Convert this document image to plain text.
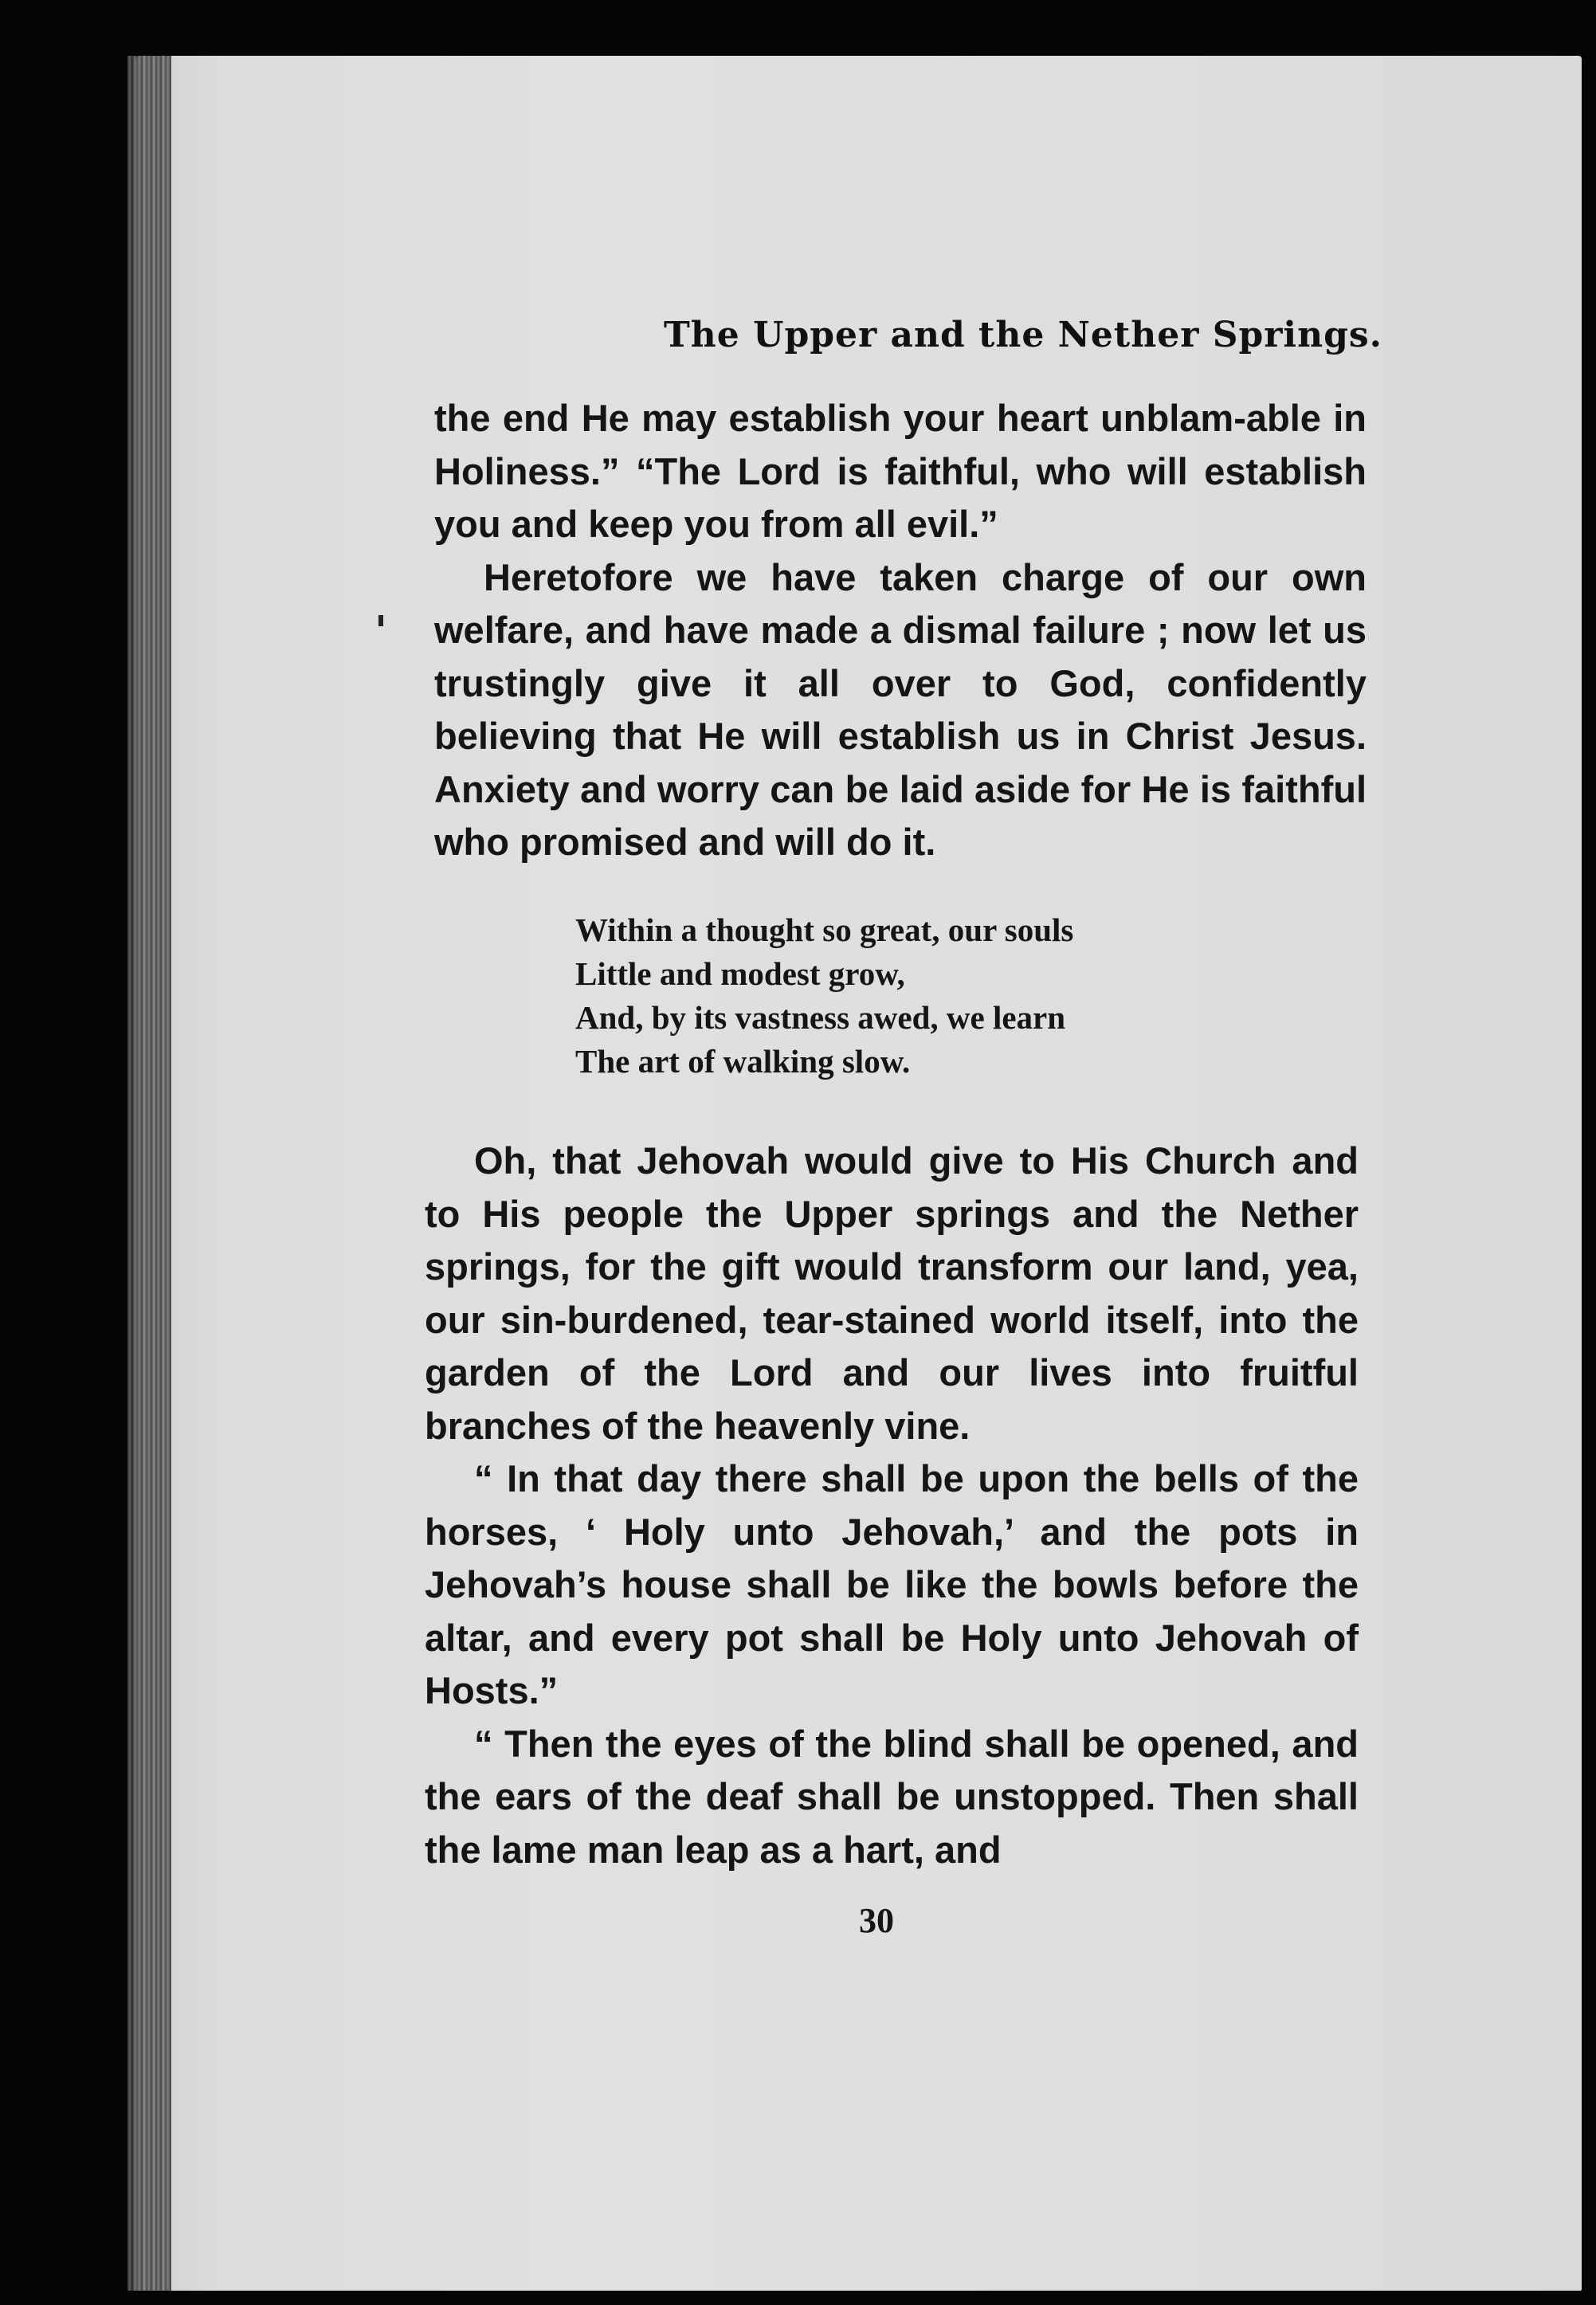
The Upper and the Nether Springs.

the end He may establish your heart unblam-able in Holiness.” “The Lord is faithful, who will establish you and keep you from all evil.”

Heretofore we have taken charge of our own welfare, and have made a dismal failure ; now let us trustingly give it all over to God, confidently believing that He will establish us in Christ Jesus. Anxiety and worry can be laid aside for He is faithful who promised and will do it.

Within a thought so great, our souls
Little and modest grow,
And, by its vastness awed, we learn
The art of walking slow.

Oh, that Jehovah would give to His Church and to His people the Upper springs and the Nether springs, for the gift would transform our land, yea, our sin-burdened, tear-stained world itself, into the garden of the Lord and our lives into fruitful branches of the heavenly vine.

“ In that day there shall be upon the bells of the horses, ‘ Holy unto Jehovah,’ and the pots in Jehovah’s house shall be like the bowls before the altar, and every pot shall be Holy unto Jehovah of Hosts.”

“ Then the eyes of the blind shall be opened, and the ears of the deaf shall be unstopped. Then shall the lame man leap as a hart, and

30
